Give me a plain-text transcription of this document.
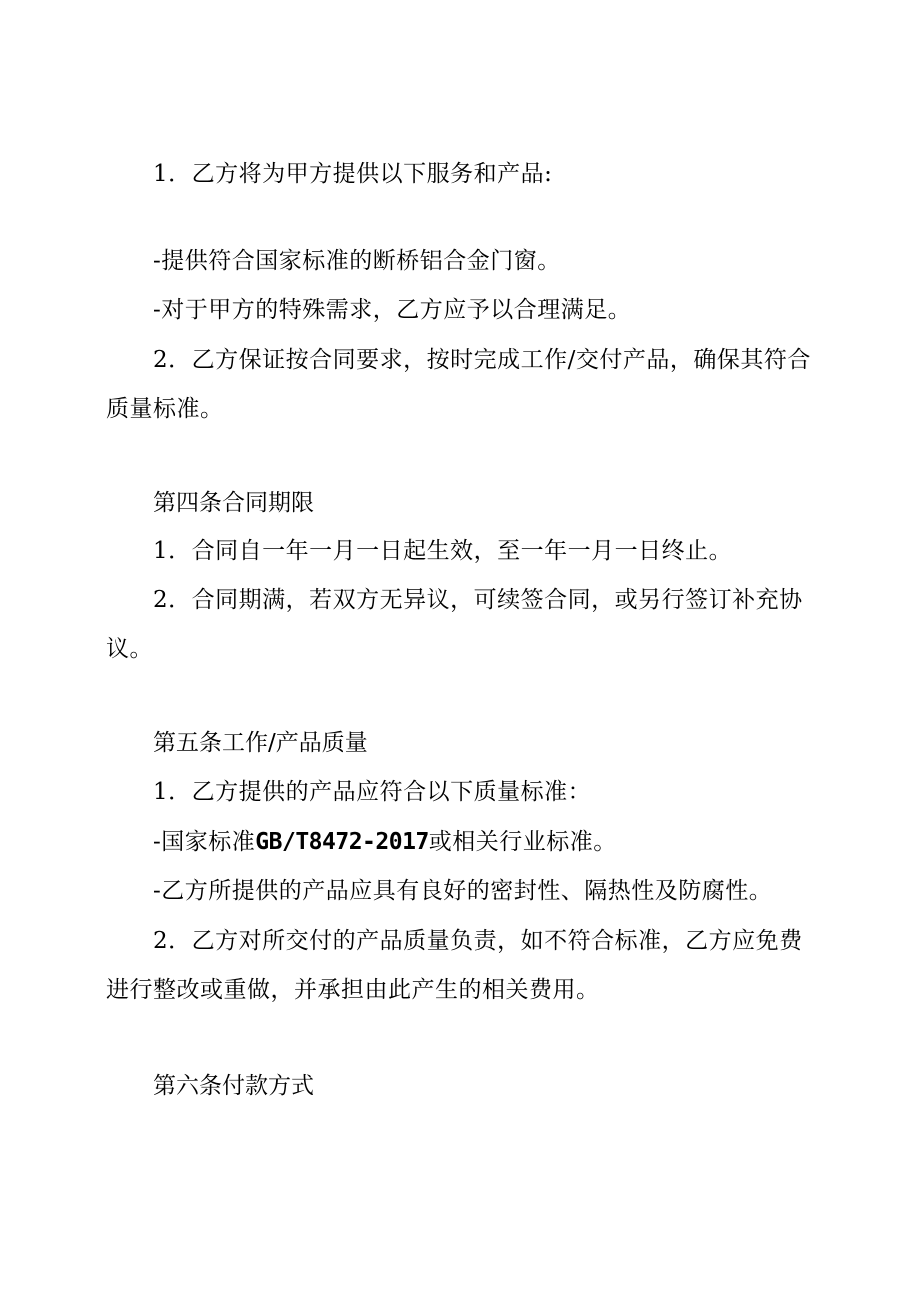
1．乙方将为甲方提供以下服务和产品:
-提供符合国家标准的断桥铝合金门窗。
-对于甲方的特殊需求，乙方应予以合理满足。
2．乙方保证按合同要求，按时完成工作/交付产品，确保其符合
质量标准。
第四条合同期限
1．合同自一年一月一日起生效，至一年一月一日终止。
2．合同期满，若双方无异议，可续签合同，或另行签订补充协
议。
第五条工作/产品质量
1．乙方提供的产品应符合以下质量标准：
-国家标准GB/T8472-2017或相关行业标准。
-乙方所提供的产品应具有良好的密封性、隔热性及防腐性。
2．乙方对所交付的产品质量负责，如不符合标准，乙方应免费
进行整改或重做，并承担由此产生的相关费用。
第六条付款方式
